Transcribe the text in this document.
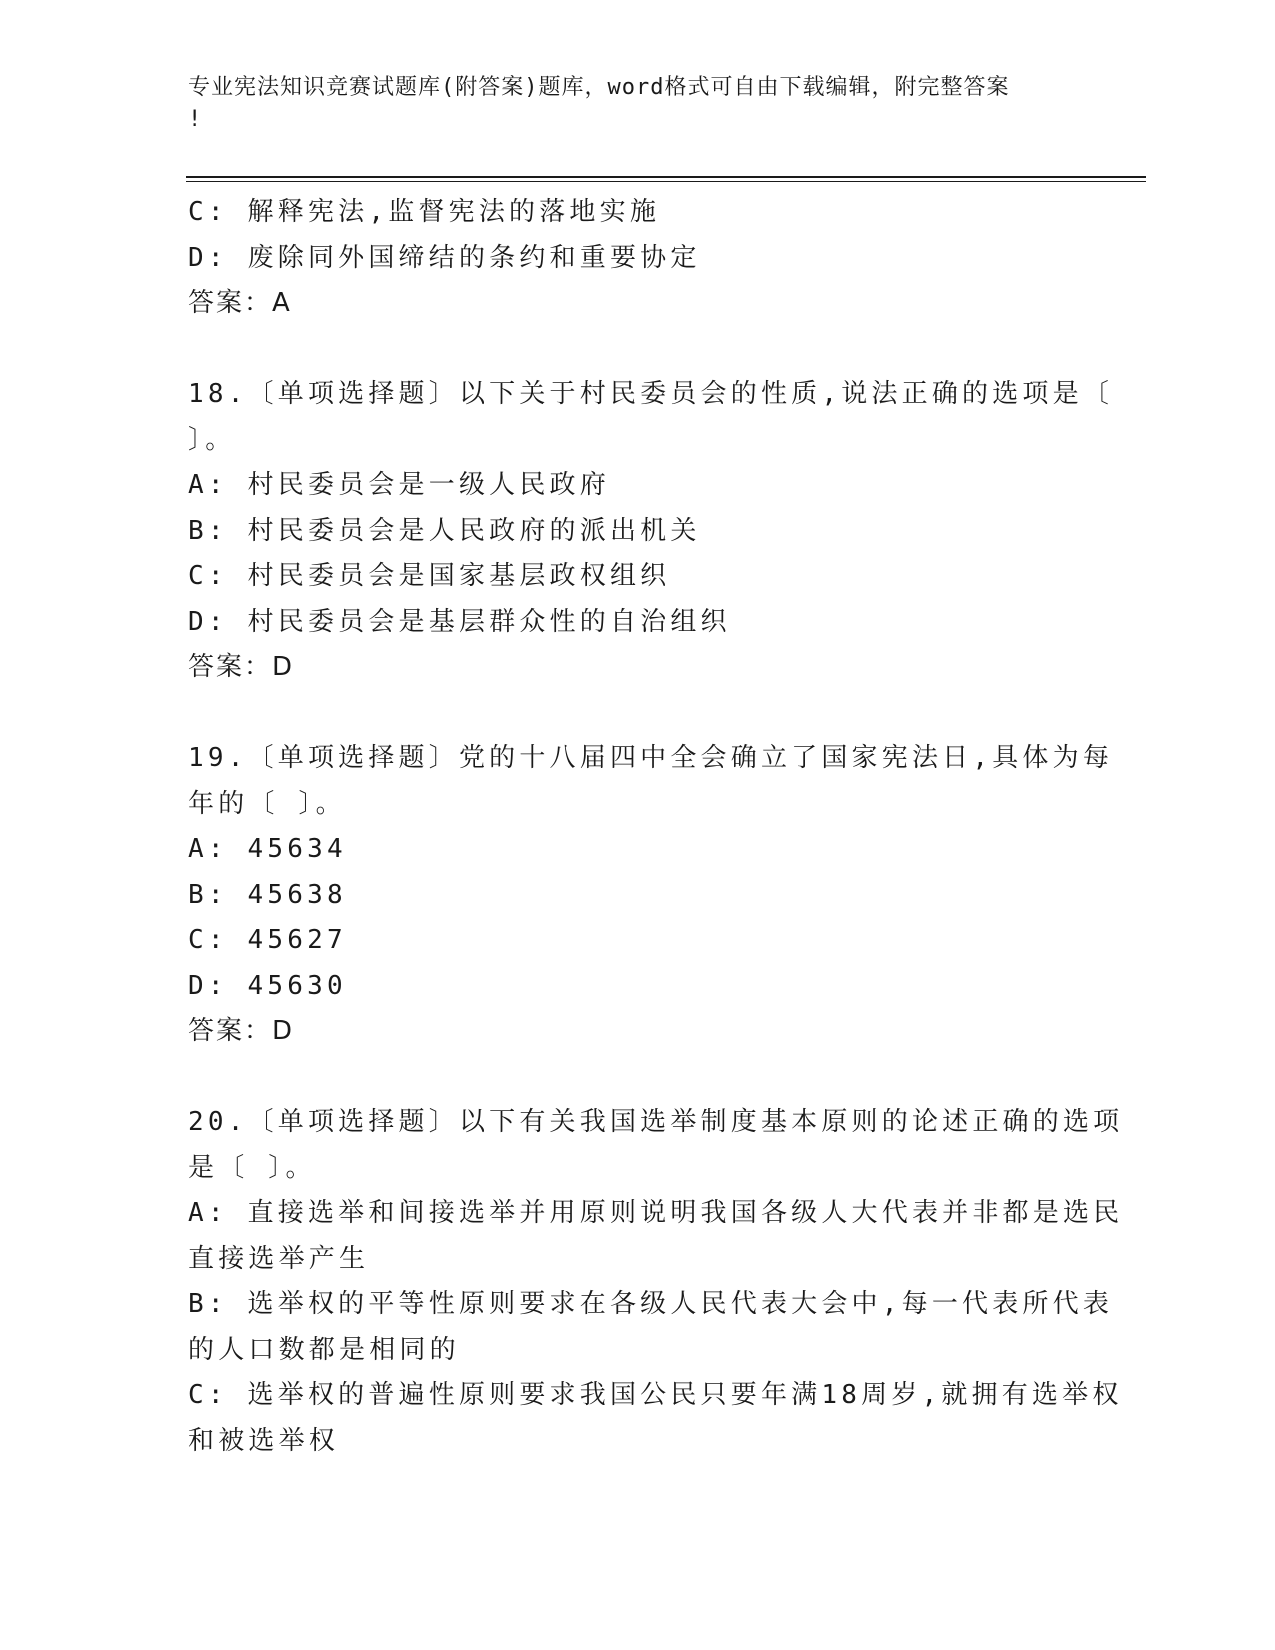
专业宪法知识竞赛试题库(附答案)题库，word格式可自由下载编辑，附完整答案
!
C: 解释宪法,监督宪法的落地实施
D: 废除同外国缔结的条约和重要协定
答案：A
18.〔单项选择题〕以下关于村民委员会的性质,说法正确的选项是〔
〕。
A: 村民委员会是一级人民政府
B: 村民委员会是人民政府的派出机关
C: 村民委员会是国家基层政权组织
D: 村民委员会是基层群众性的自治组织
答案：D
19.〔单项选择题〕党的十八届四中全会确立了国家宪法日,具体为每
年的〔 〕。
A: 45634
B: 45638
C: 45627
D: 45630
答案：D
20.〔单项选择题〕以下有关我国选举制度基本原则的论述正确的选项
是〔 〕。
A: 直接选举和间接选举并用原则说明我国各级人大代表并非都是选民
直接选举产生
B: 选举权的平等性原则要求在各级人民代表大会中,每一代表所代表
的人口数都是相同的
C: 选举权的普遍性原则要求我国公民只要年满18周岁,就拥有选举权
和被选举权
